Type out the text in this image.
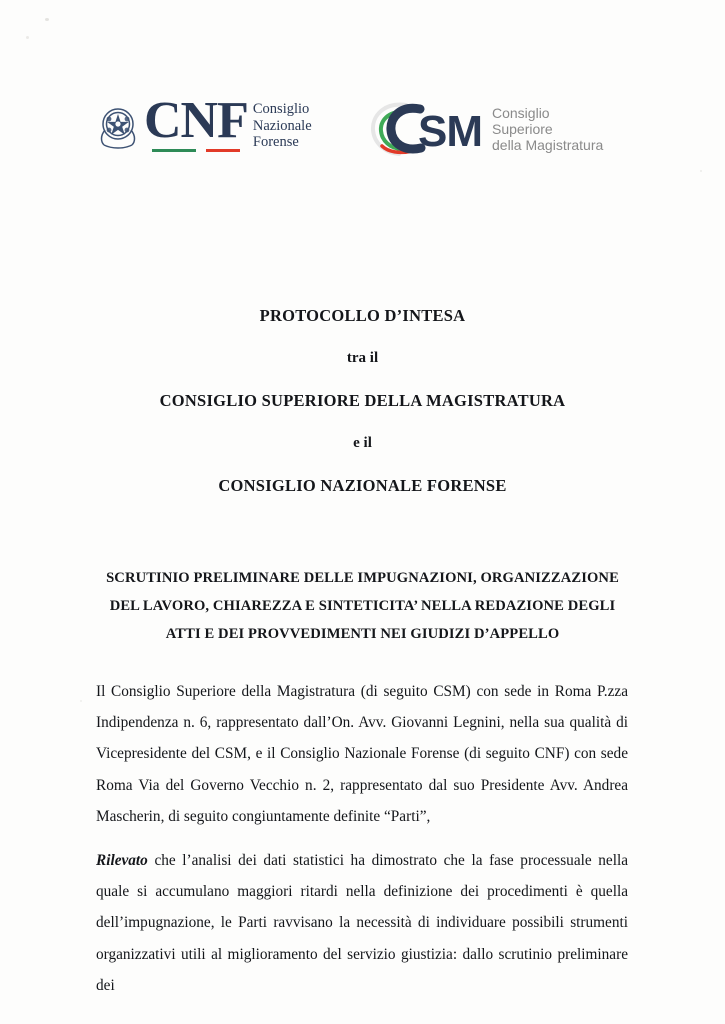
CNF Consiglio
Nazionale
Forense	SM Consiglio
Superiore
della Magistratura

PROTOCOLLO D’INTESA

tra il

CONSIGLIO SUPERIORE DELLA MAGISTRATURA

e il

CONSIGLIO NAZIONALE FORENSE

SCRUTINIO PRELIMINARE DELLE IMPUGNAZIONI, ORGANIZZAZIONE

DEL LAVORO, CHIAREZZA E SINTETICITA’ NELLA REDAZIONE DEGLI

ATTI E DEI PROVVEDIMENTI NEI GIUDIZI D’APPELLO

Il Consiglio Superiore della Magistratura (di seguito CSM) con sede in Roma P.zza Indipendenza n. 6, rappresentato dall’On. Avv. Giovanni Legnini, nella sua qualità di Vicepresidente del CSM, e il Consiglio Nazionale Forense (di seguito CNF) con sede Roma Via del Governo Vecchio n. 2, rappresentato dal suo Presidente Avv. Andrea Mascherin, di seguito congiuntamente definite “Parti”,

Rilevato che l’analisi dei dati statistici ha dimostrato che la fase processuale nella quale si accumulano maggiori ritardi nella definizione dei procedimenti è quella dell’impugnazione, le Parti ravvisano la necessità di individuare possibili strumenti organizzativi utili al miglioramento del servizio giustizia: dallo scrutinio preliminare dei
